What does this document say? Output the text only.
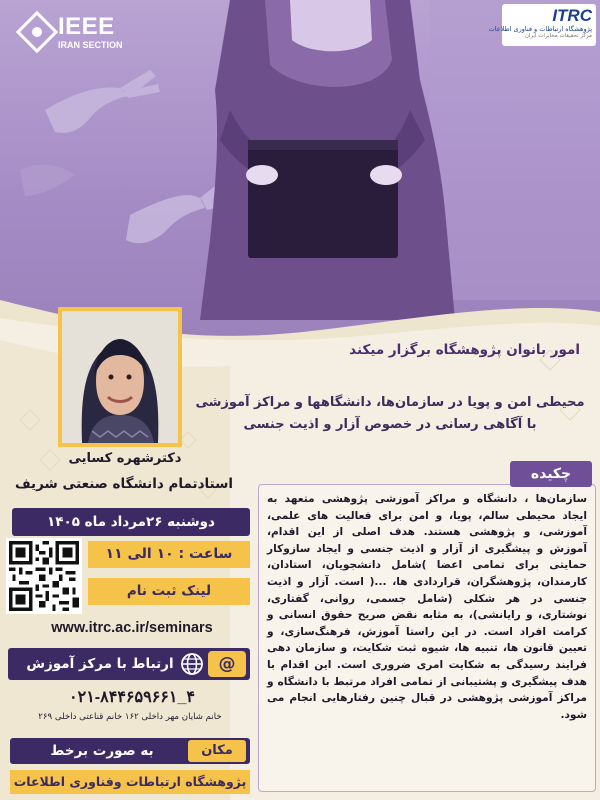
IEEE
IRAN SECTION
ITRC
پژوهشگاه ارتباطات و فناوری اطلاعات
مرکز تحقیقات مخابرات ایران
امور بانوان پژوهشگاه برگزار میکند
محیطی امن و پویا در سازمان‌ها، دانشگاهها و مراکز آموزشی
با آگاهی رسانی در خصوص آزار و اذیت جنسی
دکترشهره کسایی
استادتمام دانشگاه صنعتی شریف
سازمان‌ها ، دانشگاه و مراکز آموزشی پژوهشی متعهد به ایجاد محیطی سالم، پویا، و امن برای فعالیت های علمی، آموزشی، و پژوهشی هستند. هدف اصلی از این اقدام، آموزش و پیشگیری از آزار و اذیت جنسی و ایجاد سازوکار حمایتی برای تمامی اعضا )شامل دانشجویان، استادان، کارمندان، پژوهشگران، قراردادی ها، ...( است. آزار و اذیت جنسی در هر شکلی (شامل جسمی، روانی، گفتاری، نوشتاری، و رایانشی)، به مثابه نقض صریح حقوق انسانی و کرامت افراد است. در این راستا آموزش، فرهنگ‌سازی، و تعیین قانون ها، تنبیه ها، شیوه ثبت شکایت، و سازمان دهی فرایند رسیدگی به شکایت امری ضروری است. این اقدام با هدف پیشگیری و پشتیبانی از تمامی افراد مرتبط با دانشگاه و مراکز آموزشی پژوهشی در قبال چنین رفتارهایی انجام می شود.
چکیده
دوشنبه ۲۶مرداد ماه ۱۴۰۵
ساعت : ۱۰ الی ۱۱
لینک ثبت نام
www.itrc.ac.ir/seminars
ارتباط با مرکز آموزش	@
۰۲۱-۸۴۴۶۵۹۶۶۱_۴
خانم شایان مهر داخلی ۱۶۲ خانم قناعتی داخلی ۲۶۹
به صورت برخط	مکان
پژوهشگاه ارتباطات وفناوری اطلاعات
